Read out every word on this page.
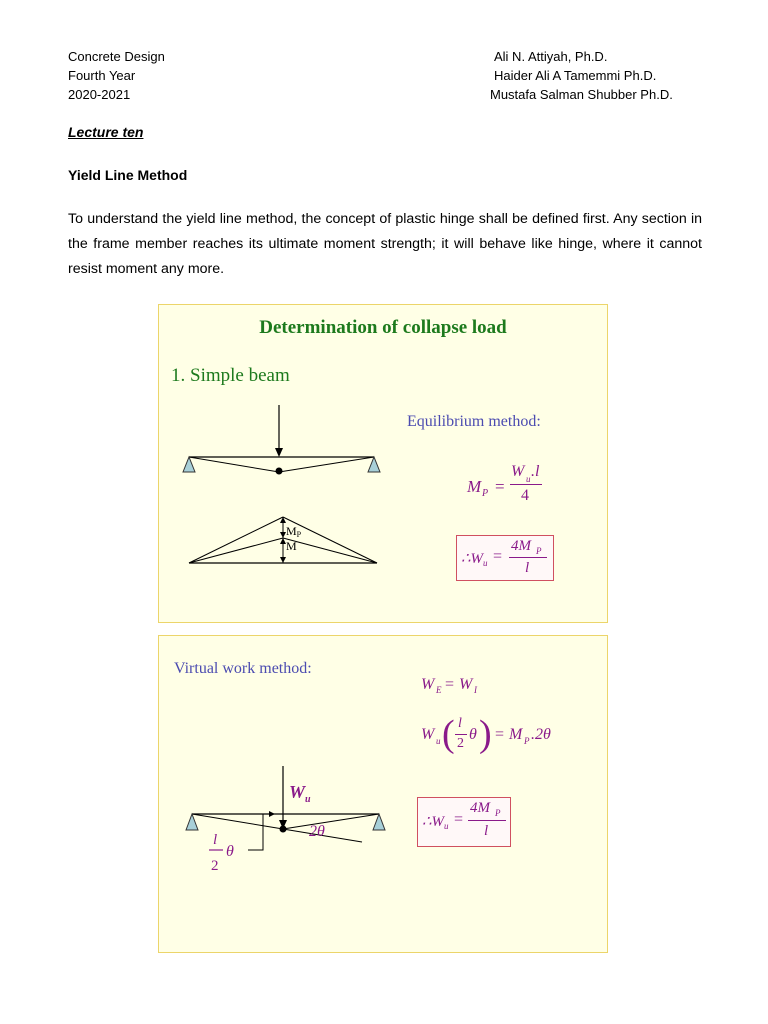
Concrete Design
Fourth Year
2020-2021
Ali N. Attiyah, Ph.D.
Haider Ali A Tamemmi Ph.D.
Mustafa Salman Shubber Ph.D.
Lecture ten
Yield Line Method
To understand the yield line method, the concept of plastic hinge shall be defined first. Any section in the frame member reaches its ultimate moment strength; it will behave like hinge, where it cannot resist moment any more.
Determination of collapse load
1. Simple beam
Equilibrium method:
MP
M
M P =
W u .l
4
∴W u =
4M P
l
Virtual work method:
W E = W I
W u ( l
2
θ ) = M P .2θ
∴W u =
4M P
l
$W_u$
2θ
l
2
θ
